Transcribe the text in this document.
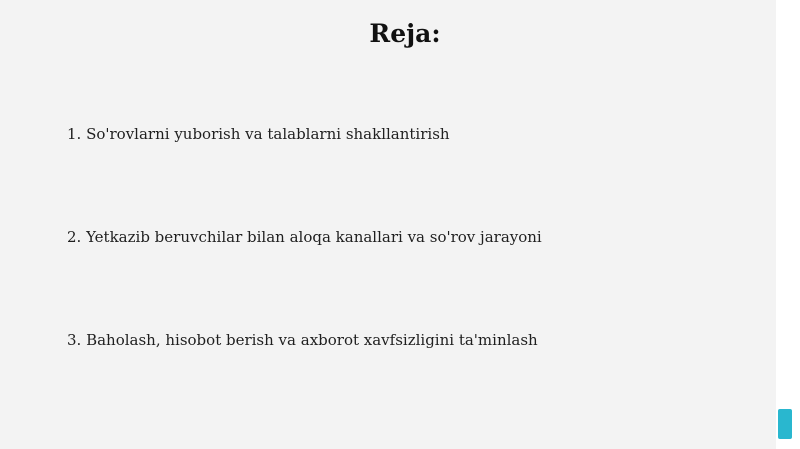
Reja:
1. So'rovlarni yuborish va talablarni shakllantirish
2. Yetkazib beruvchilar bilan aloqa kanallari va so'rov jarayoni
3. Baholash, hisobot berish va axborot xavfsizligini ta'minlash
